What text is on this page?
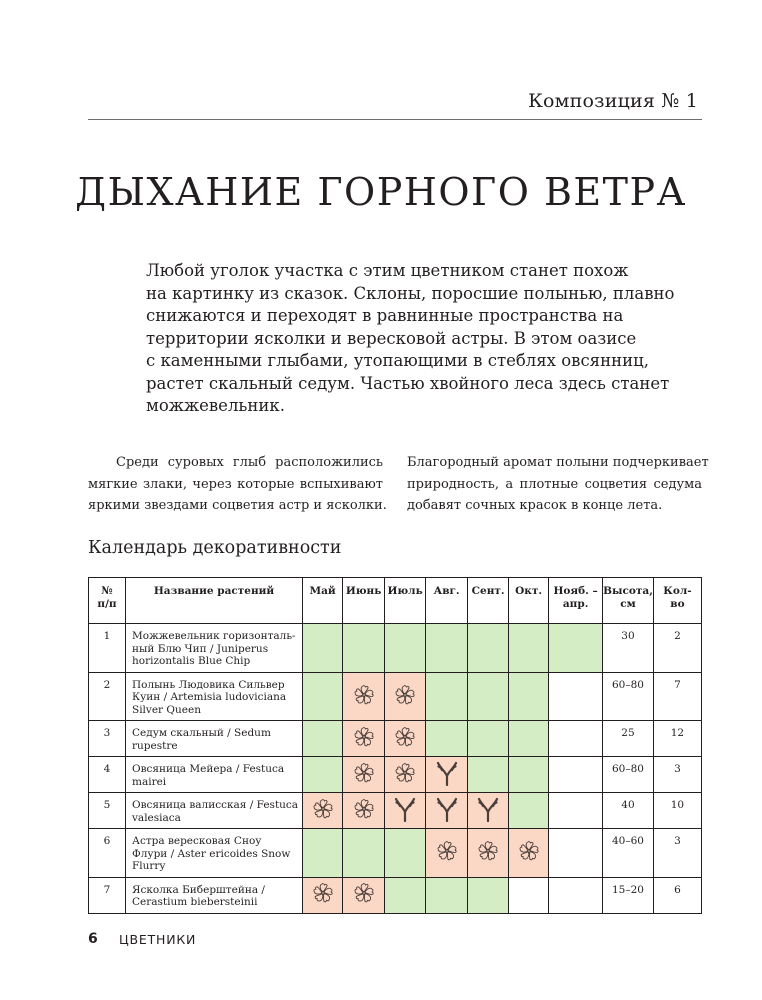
Композиция № 1
ДЫХАНИЕ ГОРНОГО ВЕТРА
Любой уголок участка с этим цветником станет похож
на картинку из сказок. Склоны, поросшие полынью, плавно
снижаются и переходят в равнинные пространства на
территории ясколки и вересковой астры. В этом оазисе
с каменными глыбами, утопающими в стеблях овсянниц,
растет скальный седум. Частью хвойного леса здесь станет
можжевельник.
Среди суровых глыб расположились
мягкие злаки, через которые вспыхивают
яркими звездами соцветия астр и ясколки.
Благородный аромат полыни подчеркивает
природность, а плотные соцветия седума
добавят сочных красок в конце лета.
Календарь декоративности
№
п/п	Название растений	Май	Июнь	Июль	Авг.	Сент.	Окт.	Нояб. –
апр.	Высота,
см	Кол-
во
1	Можжевельник горизонталь-
ный Блю Чип / Juniperus
horizontalis Blue Chip								30	2
2	Полынь Людовика Сильвер
Куин / Artemisia ludoviciana
Silver Queen								60–80	7
3	Седум скальный / Sedum
rupestre								25	12
4	Овсяница Мейера / Festuca
mairei								60–80	3
5	Овсяница валисская / Festuca
valesiaca								40	10
6	Астра вересковая Сноу
Флури / Aster ericoides Snow
Flurry								40–60	3
7	Ясколка Биберштейна /
Cerastium biebersteinii								15–20	6
6 ЦВЕТНИКИ
